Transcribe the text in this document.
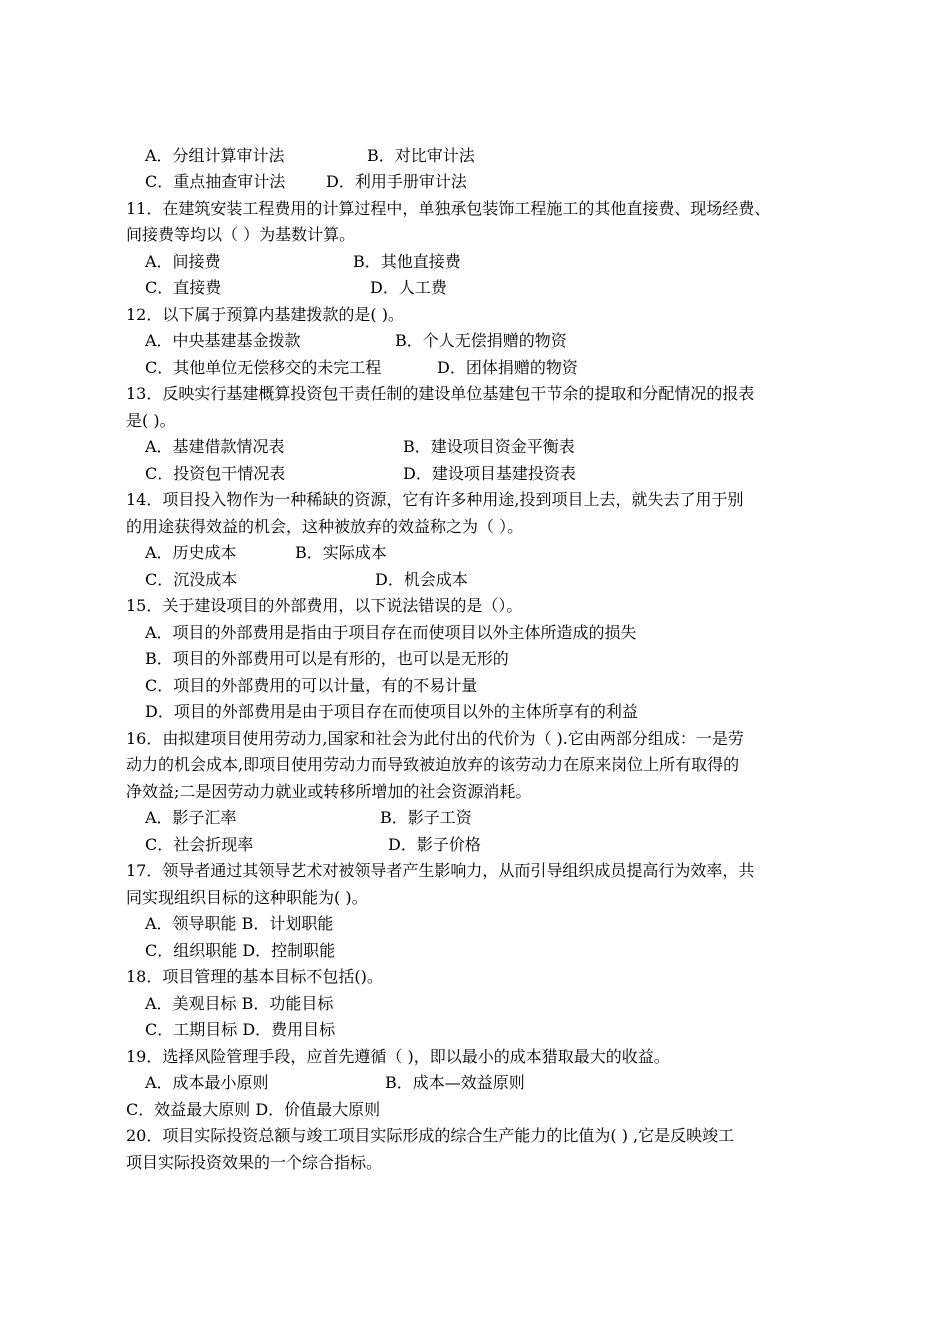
A．分组计算审计法	B．对比审计法
C．重点抽查审计法	D．利用手册审计法
11．在建筑安装工程费用的计算过程中，单独承包装饰工程施工的其他直接费、现场经费、
间接费等均以（ ）为基数计算。
A．间接费	B．其他直接费
C．直接费	D．人工费
12．以下属于预算内基建拨款的是( )。
A．中央基建基金拨款	B．个人无偿捐赠的物资
C．其他单位无偿移交的未完工程	D．团体捐赠的物资
13．反映实行基建概算投资包干责任制的建设单位基建包干节余的提取和分配情况的报表
是( )。
A．基建借款情况表	B．建设项目资金平衡表
C．投资包干情况表	D．建设项目基建投资表
14．项目投入物作为一种稀缺的资源，它有许多种用途,投到项目上去，就失去了用于别
的用途获得效益的机会，这种被放弃的效益称之为（ ）。
A．历史成本	B．实际成本
C．沉没成本	D．机会成本
15．关于建设项目的外部费用，以下说法错误的是（）。
A．项目的外部费用是指由于项目存在而使项目以外主体所造成的损失
B．项目的外部费用可以是有形的，也可以是无形的
C．项目的外部费用的可以计量，有的不易计量
D．项目的外部费用是由于项目存在而使项目以外的主体所享有的利益
16．由拟建项目使用劳动力,国家和社会为此付出的代价为（ ).它由两部分组成：一是劳
动力的机会成本,即项目使用劳动力而导致被迫放弃的该劳动力在原来岗位上所有取得的
净效益;二是因劳动力就业或转移所增加的社会资源消耗。
A．影子汇率	B．影子工资
C．社会折现率	D．影子价格
17．领导者通过其领导艺术对被领导者产生影响力，从而引导组织成员提高行为效率，共
同实现组织目标的这种职能为( )。
A．领导职能 B．计划职能
C．组织职能 D．控制职能
18．项目管理的基本目标不包括()。
A．美观目标 B．功能目标
C．工期目标 D．费用目标
19．选择风险管理手段，应首先遵循（ )，即以最小的成本猎取最大的收益。
A．成本最小原则	B．成本—效益原则
C．效益最大原则 D．价值最大原则
20．项目实际投资总额与竣工项目实际形成的综合生产能力的比值为( ) ,它是反映竣工
项目实际投资效果的一个综合指标。
